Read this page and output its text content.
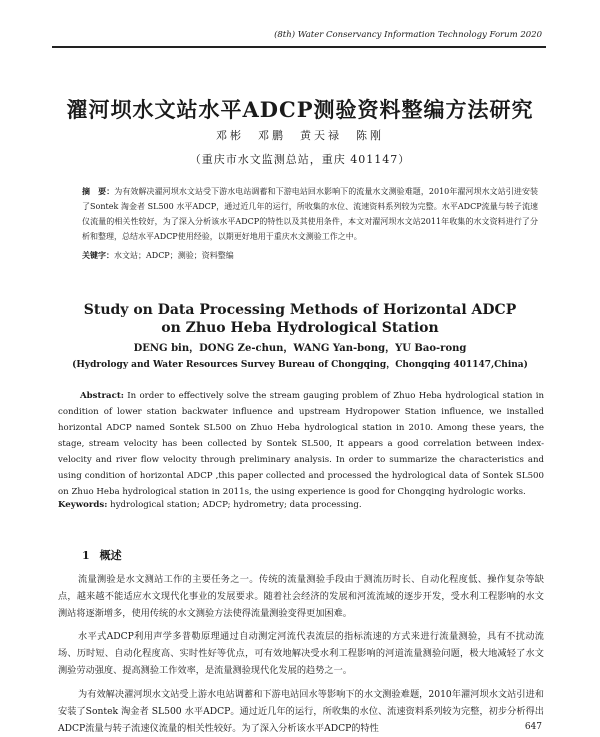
(8th) Water Conservancy Information Technology Forum 2020
濯河坝水文站水平ADCP测验资料整编方法研究
邓彬　邓鹏　黄天禄　陈刚
（重庆市水文监测总站，重庆 401147）
摘　要：为有效解决濯河坝水文站受下游水电站调蓄和下游电站回水影响下的流量水文测验难题，2010年濯河坝水文站引进安装了Sontek 淘金者 SL500 水平ADCP，通过近几年的运行，所收集的水位、流速资料系列较为完整。水平ADCP流量与转子流速仪流量的相关性较好，为了深入分析该水平ADCP的特性以及其使用条件，本文对濯河坝水文站2011年收集的水文资料进行了分析和整理，总结水平ADCP使用经验，以期更好地用于重庆水文测验工作之中。
关键字：水文站；ADCP；测验；资料整编
Study on Data Processing Methods of Horizontal ADCP
on Zhuo Heba Hydrological Station
DENG bin，DONG Ze-chun，WANG Yan-bong，YU Bao-rong
(Hydrology and Water Resources Survey Bureau of Chongqing，Chongqing 401147,China)
Abstract: In order to effectively solve the stream gauging problem of Zhuo Heba hydrological station in condition of lower station backwater influence and upstream Hydropower Station influence, we installed horizontal ADCP named Sontek SL500 on Zhuo Heba hydrological station in 2010. Among these years, the stage, stream velocity has been collected by Sontek SL500, It appears a good correlation between index-velocity and river flow velocity through preliminary analysis. In order to summarize the characteristics and using condition of horizontal ADCP ,this paper collected and processed the hydrological data of Sontek SL500 on Zhuo Heba hydrological station in 2011s, the using experience is good for Chongqing hydrologic works.
Keywords: hydrological station; ADCP; hydrometry; data processing.
1 概述
流量测验是水文测站工作的主要任务之一。传统的流量测验手段由于测流历时长、自动化程度低、操作复杂等缺点，越来越不能适应水文现代化事业的发展要求。随着社会经济的发展和河流流域的逐步开发，受水利工程影响的水文测站将逐渐增多，使用传统的水文测验方法使得流量测验变得更加困难。
水平式ADCP利用声学多普勒原理通过自动测定河流代表流层的指标流速的方式来进行流量测验，具有不扰动流场、历时短、自动化程度高、实时性好等优点，可有效地解决受水利工程影响的河道流量测验问题，极大地减轻了水文测验劳动强度、提高测验工作效率，是流量测验现代化发展的趋势之一。
为有效解决濯河坝水文站受上游水电站调蓄和下游电站回水等影响下的水文测验难题，2010年濯河坝水文站引进和安装了Sontek 淘金者 SL500 水平ADCP。通过近几年的运行，所收集的水位、流速资料系列较为完整，初步分析得出ADCP流量与转子流速仪流量的相关性较好。为了深入分析该水平ADCP的特性	647
